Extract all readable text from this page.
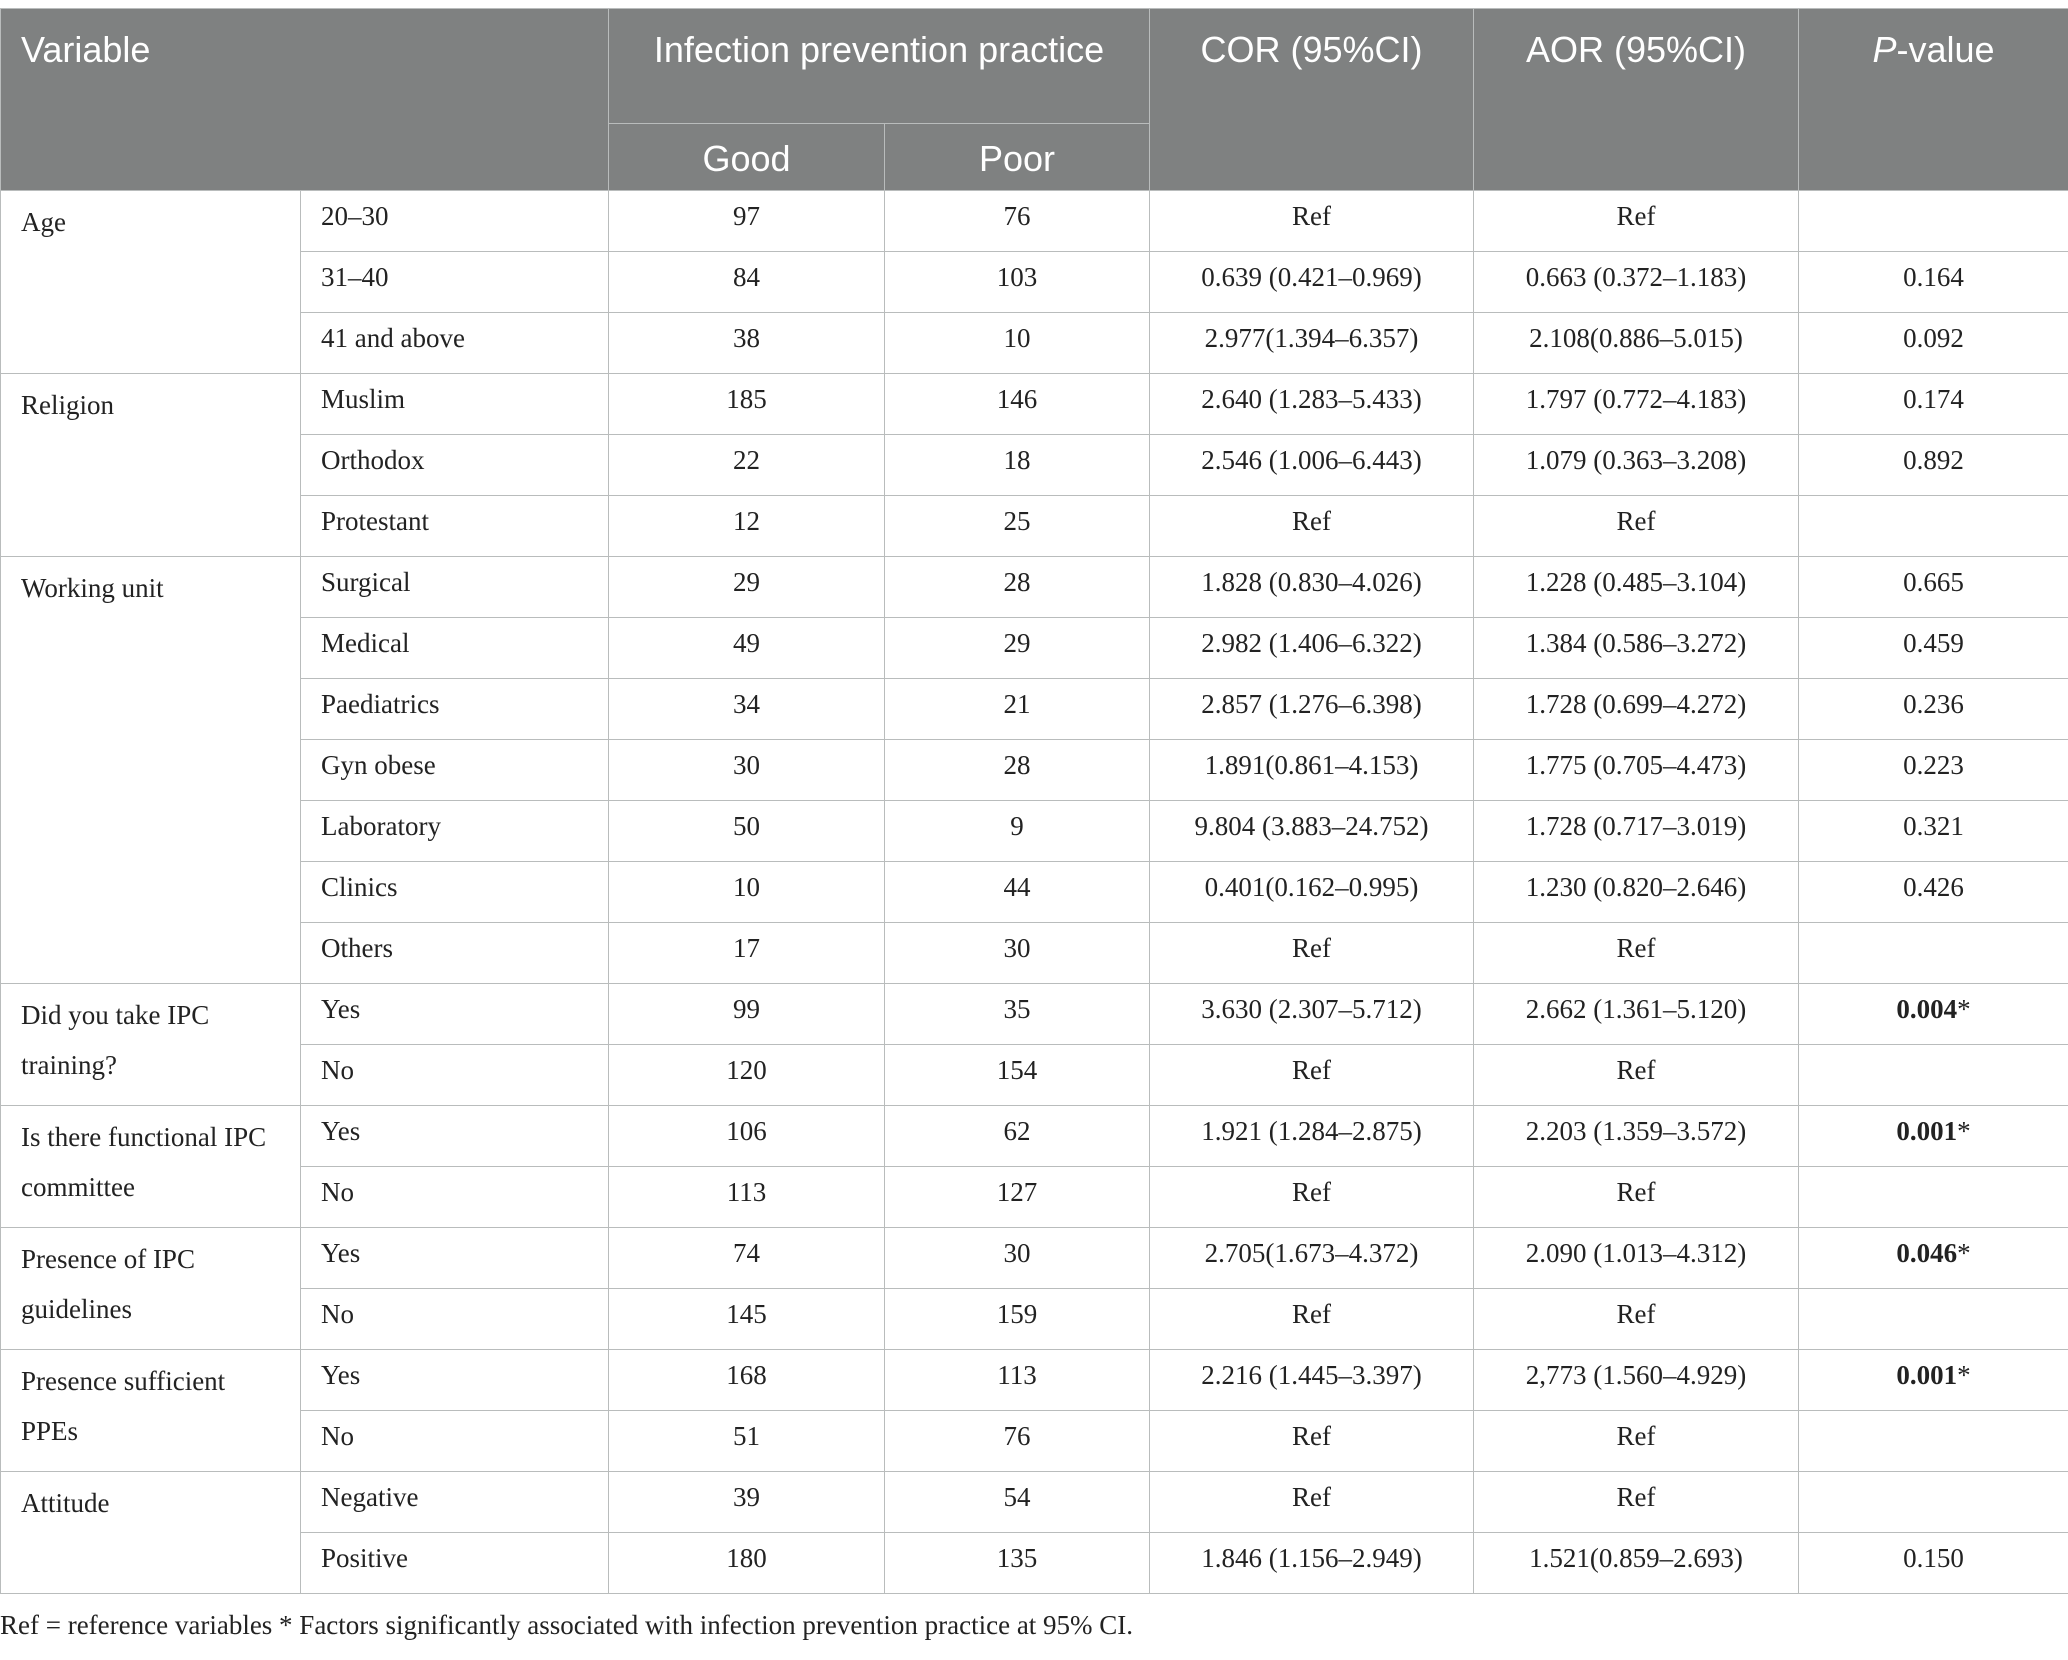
Variable		Infection prevention practice		COR (95%CI)	AOR (95%CI)	P-value
		Good	Poor			
Age	20–30	97	76	Ref	Ref	
	31–40	84	103	0.639 (0.421–0.969)	0.663 (0.372–1.183)	0.164
	41 and above	38	10	2.977(1.394–6.357)	2.108(0.886–5.015)	0.092
Religion	Muslim	185	146	2.640 (1.283–5.433)	1.797 (0.772–4.183)	0.174
	Orthodox	22	18	2.546 (1.006–6.443)	1.079 (0.363–3.208)	0.892
	Protestant	12	25	Ref	Ref	
Working unit	Surgical	29	28	1.828 (0.830–4.026)	1.228 (0.485–3.104)	0.665
	Medical	49	29	2.982 (1.406–6.322)	1.384 (0.586–3.272)	0.459
	Paediatrics	34	21	2.857 (1.276–6.398)	1.728 (0.699–4.272)	0.236
	Gyn obese	30	28	1.891(0.861–4.153)	1.775 (0.705–4.473)	0.223
	Laboratory	50	9	9.804 (3.883–24.752)	1.728 (0.717–3.019)	0.321
	Clinics	10	44	0.401(0.162–0.995)	1.230 (0.820–2.646)	0.426
	Others	17	30	Ref	Ref	
Did you take IPC training?	Yes	99	35	3.630 (2.307–5.712)	2.662 (1.361–5.120)	0.004*
	No	120	154	Ref	Ref	
Is there functional IPC committee	Yes	106	62	1.921 (1.284–2.875)	2.203 (1.359–3.572)	0.001*
	No	113	127	Ref	Ref	
Presence of IPC guidelines	Yes	74	30	2.705(1.673–4.372)	2.090 (1.013–4.312)	0.046*
	No	145	159	Ref	Ref	
Presence sufficient PPEs	Yes	168	113	2.216 (1.445–3.397)	2,773 (1.560–4.929)	0.001*
	No	51	76	Ref	Ref	
Attitude	Negative	39	54	Ref	Ref	
	Positive	180	135	1.846 (1.156–2.949)	1.521(0.859–2.693)	0.150
Ref = reference variables * Factors significantly associated with infection prevention practice at 95% CI.
